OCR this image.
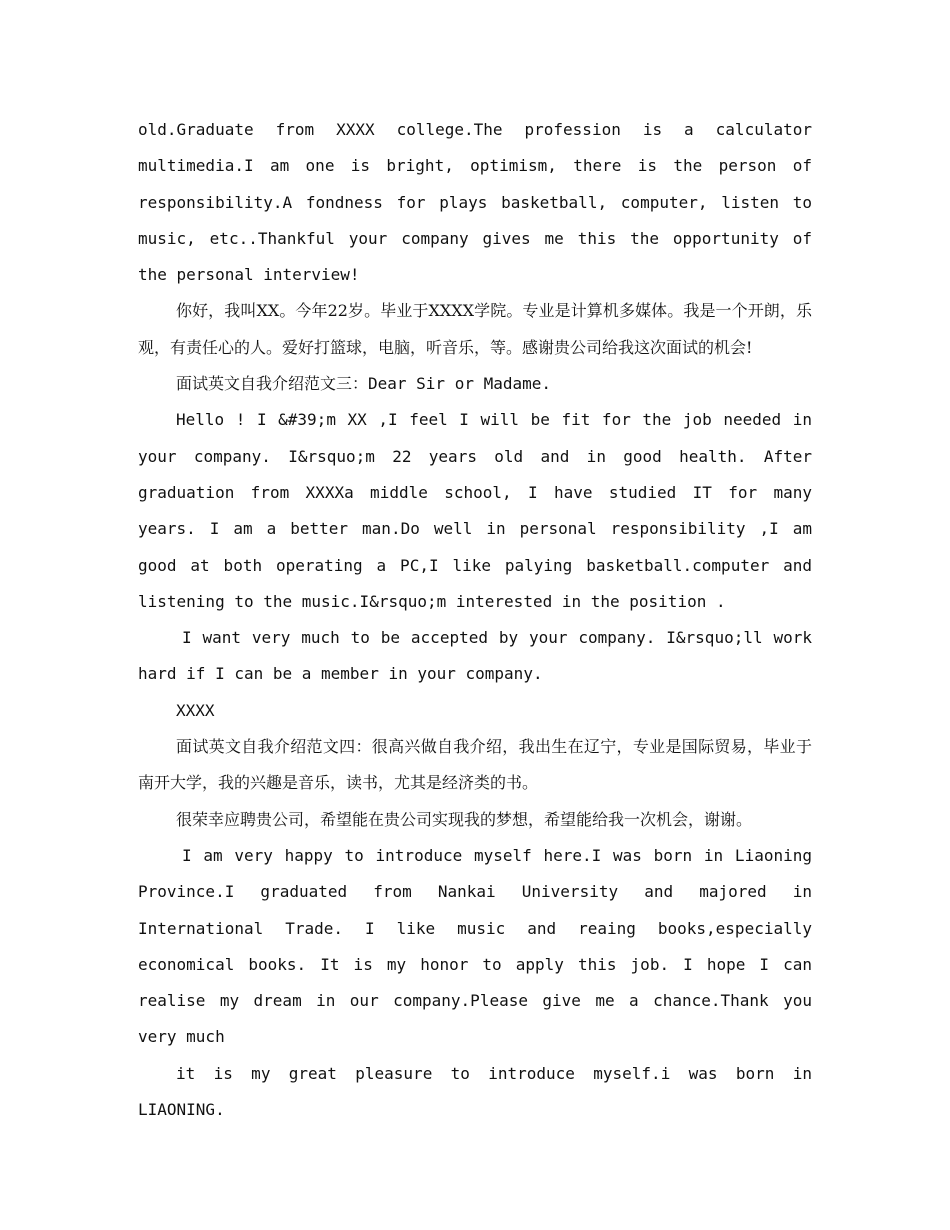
old.Graduate from XXXX college.The profession is a calculator multimedia.I am one is bright, optimism, there is the person of responsibility.A fondness for plays basketball, computer, listen to music, etc..Thankful your company gives me this the opportunity of the personal interview!

你好，我叫XX。今年22岁。毕业于XXXX学院。专业是计算机多媒体。我是一个开朗，乐观，有责任心的人。爱好打篮球，电脑，听音乐，等。感谢贵公司给我这次面试的机会!

面试英文自我介绍范文三：Dear Sir or Madame.

Hello ! I &#39;m XX ,I feel I will be fit for the job needed in your company. I&rsquo;m 22 years old and in good health. After graduation from XXXXa middle school, I have studied IT for many years. I am a better man.Do well in personal responsibility ,I am good at both operating a PC,I like palying basketball.computer and listening to the music.I&rsquo;m interested in the position .

I want very much to be accepted by your company. I&rsquo;ll work hard if I can be a member in your company.

XXXX

面试英文自我介绍范文四：很高兴做自我介绍，我出生在辽宁，专业是国际贸易，毕业于南开大学，我的兴趣是音乐，读书，尤其是经济类的书。

很荣幸应聘贵公司，希望能在贵公司实现我的梦想，希望能给我一次机会，谢谢。

I am very happy to introduce myself here.I was born in Liaoning Province.I graduated from Nankai University and majored in International Trade. I like music and reaing books,especially economical books. It is my honor to apply this job. I hope I can realise my dream in our company.Please give me a chance.Thank you very much

it is my great pleasure to introduce myself.i was born in LIAONING.
